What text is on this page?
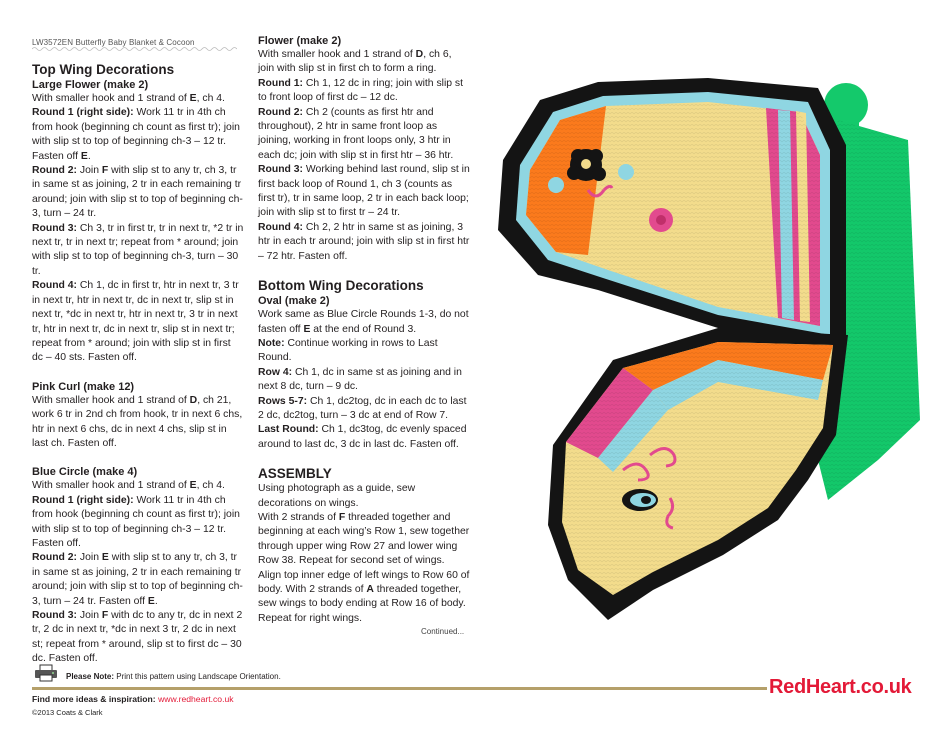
LW3572EN Butterfly Baby Blanket & Cocoon
Top Wing Decorations
Large Flower (make 2)

With smaller hook and 1 strand of E, ch 4.

Round 1 (right side): Work 11 tr in 4th ch from hook (beginning ch count as first tr); join with slip st to top of beginning ch-3 – 12 tr. Fasten off E.

Round 2: Join F with slip st to any tr, ch 3, tr in same st as joining, 2 tr in each remaining tr around; join with slip st to top of beginning ch-3, turn – 24 tr.

Round 3: Ch 3, tr in first tr, tr in next tr, *2 tr in next tr, tr in next tr; repeat from * around; join with slip st to top of beginning ch-3, turn – 30 tr.

Round 4: Ch 1, dc in first tr, htr in next tr, 3 tr in next tr, htr in next tr, dc in next tr, slip st in next tr, *dc in next tr, htr in next tr, 3 tr in next tr, htr in next tr, dc in next tr, slip st in next tr; repeat from * around; join with slip st in first dc – 40 sts. Fasten off.

Pink Curl (make 12)

With smaller hook and 1 strand of D, ch 21, work 6 tr in 2nd ch from hook, tr in next 6 chs, htr in next 6 chs, dc in next 4 chs, slip st in last ch. Fasten off.

Blue Circle (make 4)

With smaller hook and 1 strand of E, ch 4.

Round 1 (right side): Work 11 tr in 4th ch from hook (beginning ch count as first tr); join with slip st to top of beginning ch-3 – 12 tr. Fasten off.

Round 2: Join E with slip st to any tr, ch 3, tr in same st as joining, 2 tr in each remaining tr around; join with slip st to top of beginning ch-3, turn – 24 tr. Fasten off E.

Round 3: Join F with dc to any tr, dc in next 2 tr, 2 dc in next tr, *dc in next 3 tr, 2 dc in next st; repeat from * around, slip st to first dc – 30 dc. Fasten off.

Flower (make 2)

With smaller hook and 1 strand of D, ch 6, join with slip st in first ch to form a ring.

Round 1: Ch 1, 12 dc in ring; join with slip st to front loop of first dc – 12 dc.

Round 2: Ch 2 (counts as first htr and throughout), 2 htr in same front loop as joining, working in front loops only, 3 htr in each dc; join with slip st in first htr – 36 htr.

Round 3: Working behind last round, slip st in first back loop of Round 1, ch 3 (counts as first tr), tr in same loop, 2 tr in each back loop; join with slip st to first tr – 24 tr.

Round 4: Ch 2, 2 htr in same st as joining, 3 htr in each tr around; join with slip st in first htr – 72 htr. Fasten off.

Bottom Wing Decorations
Oval (make 2)

Work same as Blue Circle Rounds 1-3, do not fasten off E at the end of Round 3.

Note: Continue working in rows to Last Round.

Row 4: Ch 1, dc in same st as joining and in next 8 dc, turn – 9 dc.

Rows 5-7: Ch 1, dc2tog, dc in each dc to last 2 dc, dc2tog, turn – 3 dc at end of Row 7.

Last Round: Ch 1, dc3tog, dc evenly spaced around to last dc, 3 dc in last dc. Fasten off.

ASSEMBLY

Using photograph as a guide, sew decorations on wings.

With 2 strands of F threaded together and beginning at each wing’s Row 1, sew together through upper wing Row 27 and lower wing Row 38. Repeat for second set of wings.

Align top inner edge of left wings to Row 60 of body. With 2 strands of A threaded together, sew wings to body ending at Row 16 of body. Repeat for right wings.

Continued...
Please Note: Print this pattern using Landscape Orientation.
Find more ideas & inspiration: www.redheart.co.uk
©2013 Coats & Clark
RedHeart.co.uk
